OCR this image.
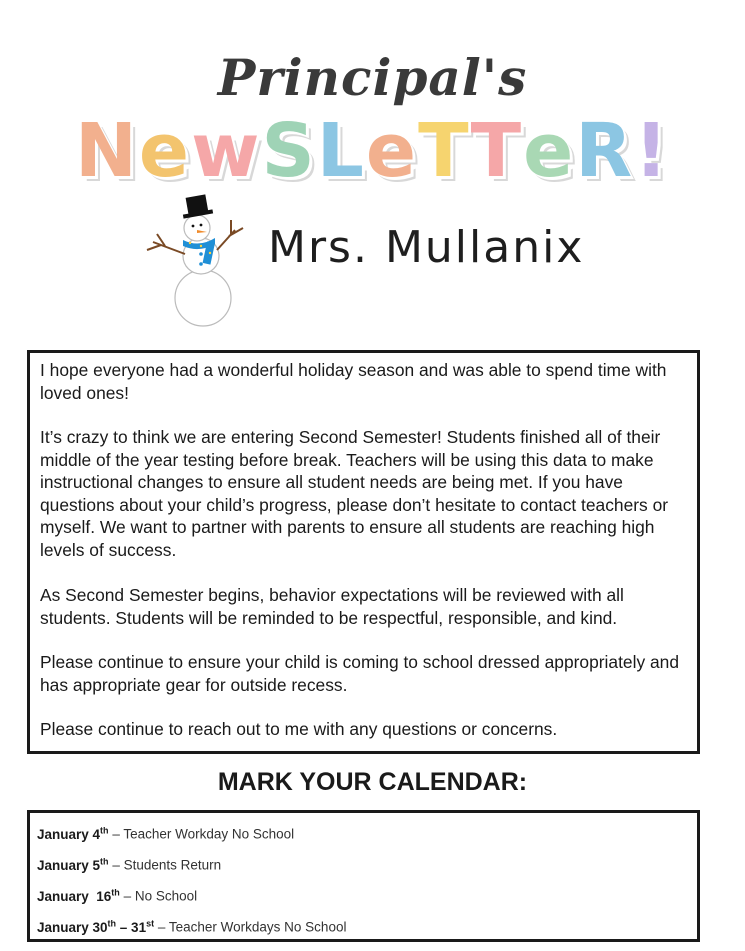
Principal's
NewSLeTTeR!
Mrs. Mullanix

I hope everyone had a wonderful holiday season and was able to spend time with loved ones!

It’s crazy to think we are entering Second Semester! Students finished all of their middle of the year testing before break. Teachers will be using this data to make instructional changes to ensure all student needs are being met. If you have questions about your child’s progress, please don’t hesitate to contact teachers or myself. We want to partner with parents to ensure all students are reaching high levels of success.

As Second Semester begins, behavior expectations will be reviewed with all students. Students will be reminded to be respectful, responsible, and kind.

Please continue to ensure your child is coming to school dressed appropriately and has appropriate gear for outside recess.

Please continue to reach out to me with any questions or concerns.

MARK YOUR CALENDAR:
January 4th – Teacher Workday No School
January 5th – Students Return
January  16th – No School
January 30th – 31st – Teacher Workdays No School
